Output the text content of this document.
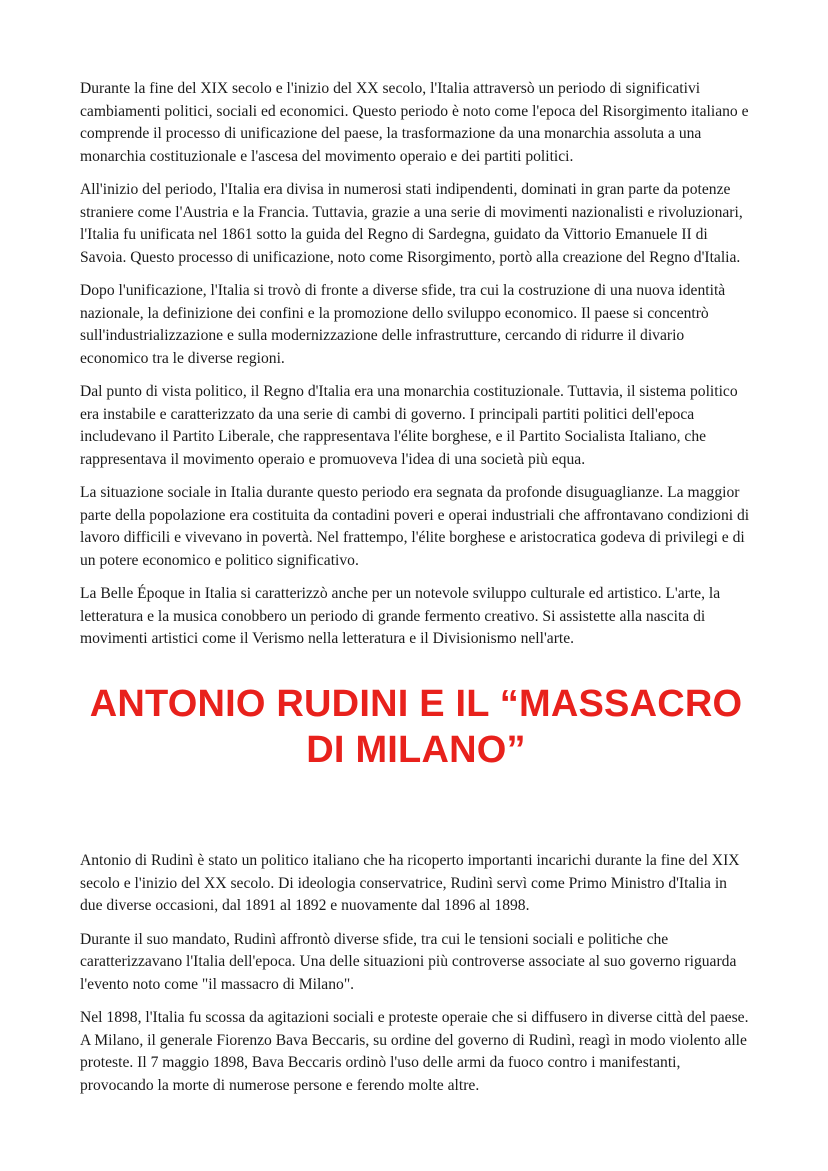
Durante la fine del XIX secolo e l'inizio del XX secolo, l'Italia attraversò un periodo di significativi cambiamenti politici, sociali ed economici. Questo periodo è noto come l'epoca del Risorgimento italiano e comprende il processo di unificazione del paese, la trasformazione da una monarchia assoluta a una monarchia costituzionale e l'ascesa del movimento operaio e dei partiti politici.

All'inizio del periodo, l'Italia era divisa in numerosi stati indipendenti, dominati in gran parte da potenze straniere come l'Austria e la Francia. Tuttavia, grazie a una serie di movimenti nazionalisti e rivoluzionari, l'Italia fu unificata nel 1861 sotto la guida del Regno di Sardegna, guidato da Vittorio Emanuele II di Savoia. Questo processo di unificazione, noto come Risorgimento, portò alla creazione del Regno d'Italia.

Dopo l'unificazione, l'Italia si trovò di fronte a diverse sfide, tra cui la costruzione di una nuova identità nazionale, la definizione dei confini e la promozione dello sviluppo economico. Il paese si concentrò sull'industrializzazione e sulla modernizzazione delle infrastrutture, cercando di ridurre il divario economico tra le diverse regioni.

Dal punto di vista politico, il Regno d'Italia era una monarchia costituzionale. Tuttavia, il sistema politico era instabile e caratterizzato da una serie di cambi di governo. I principali partiti politici dell'epoca includevano il Partito Liberale, che rappresentava l'élite borghese, e il Partito Socialista Italiano, che rappresentava il movimento operaio e promuoveva l'idea di una società più equa.

La situazione sociale in Italia durante questo periodo era segnata da profonde disuguaglianze. La maggior parte della popolazione era costituita da contadini poveri e operai industriali che affrontavano condizioni di lavoro difficili e vivevano in povertà. Nel frattempo, l'élite borghese e aristocratica godeva di privilegi e di un potere economico e politico significativo.

La Belle Époque in Italia si caratterizzò anche per un notevole sviluppo culturale ed artistico. L'arte, la letteratura e la musica conobbero un periodo di grande fermento creativo. Si assistette alla nascita di movimenti artistici come il Verismo nella letteratura e il Divisionismo nell'arte.

ANTONIO RUDINI E IL “MASSACRO DI MILANO”

Antonio di Rudinì è stato un politico italiano che ha ricoperto importanti incarichi durante la fine del XIX secolo e l'inizio del XX secolo. Di ideologia conservatrice, Rudinì servì come Primo Ministro d'Italia in due diverse occasioni, dal 1891 al 1892 e nuovamente dal 1896 al 1898.

Durante il suo mandato, Rudinì affrontò diverse sfide, tra cui le tensioni sociali e politiche che caratterizzavano l'Italia dell'epoca. Una delle situazioni più controverse associate al suo governo riguarda l'evento noto come "il massacro di Milano".

Nel 1898, l'Italia fu scossa da agitazioni sociali e proteste operaie che si diffusero in diverse città del paese. A Milano, il generale Fiorenzo Bava Beccaris, su ordine del governo di Rudinì, reagì in modo violento alle proteste. Il 7 maggio 1898, Bava Beccaris ordinò l'uso delle armi da fuoco contro i manifestanti, provocando la morte di numerose persone e ferendo molte altre.
